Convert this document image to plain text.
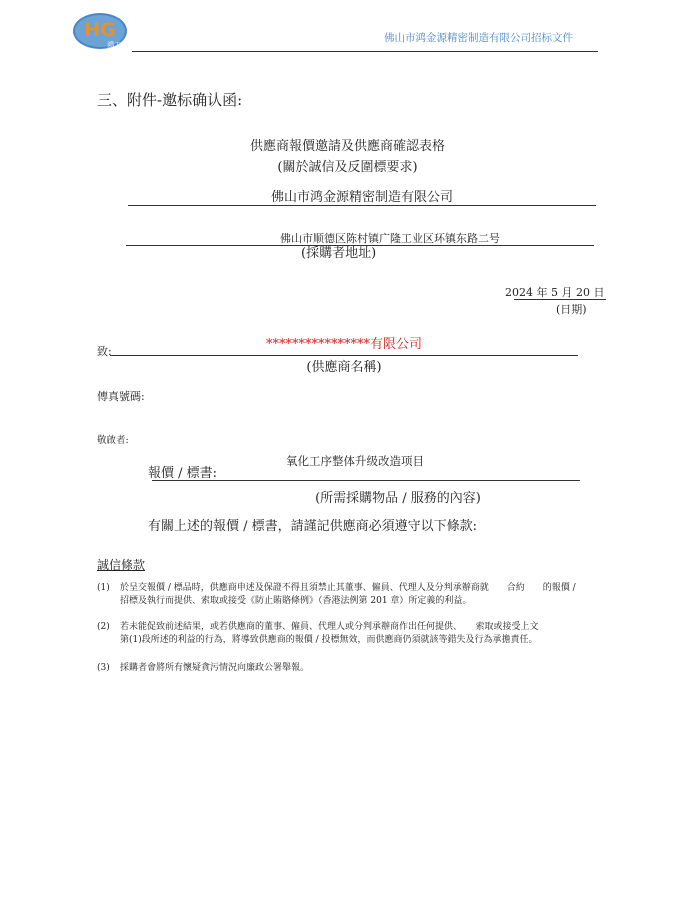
HG
鴻工
佛山市鸿金源精密制造有限公司招标文件
三、附件-邀标确认函:
供應商報價邀請及供應商確認表格
(關於誠信及反圍標要求)
佛山市鸿金源精密制造有限公司
佛山市顺德区陈村镇广隆工业区环镇东路二号
(採購者地址)
2024 年 5 月 20 日
(日期)
致:	****************有限公司
(供應商名稱)
傳真號碼:
敬啟者:
氧化工序整体升级改造项目
報價 / 標書:
(所需採購物品 / 服務的內容)
有關上述的報價 / 標書，請謹記供應商必須遵守以下條款:
誠信條款
(1) 於呈交報價 / 標品時，供應商申述及保證不得且須禁止其董事、僱員、代理人及分判承辦商就　　合約　　的報價 /
招標及執行而提供、索取或接受《防止賄賂條例》（香港法例第 201 章）所定義的利益。
(2) 若未能促致前述結果，或若供應商的董事、僱員、代理人或分判承辦商作出任何提供、　　索取或接受上文
第(1)段所述的利益的行為，將導致供應商的報價 / 投標無效，而供應商仍須就該等錯失及行為承擔責任。
(3) 採購者會將所有懷疑貪污情況向廉政公署舉報。
